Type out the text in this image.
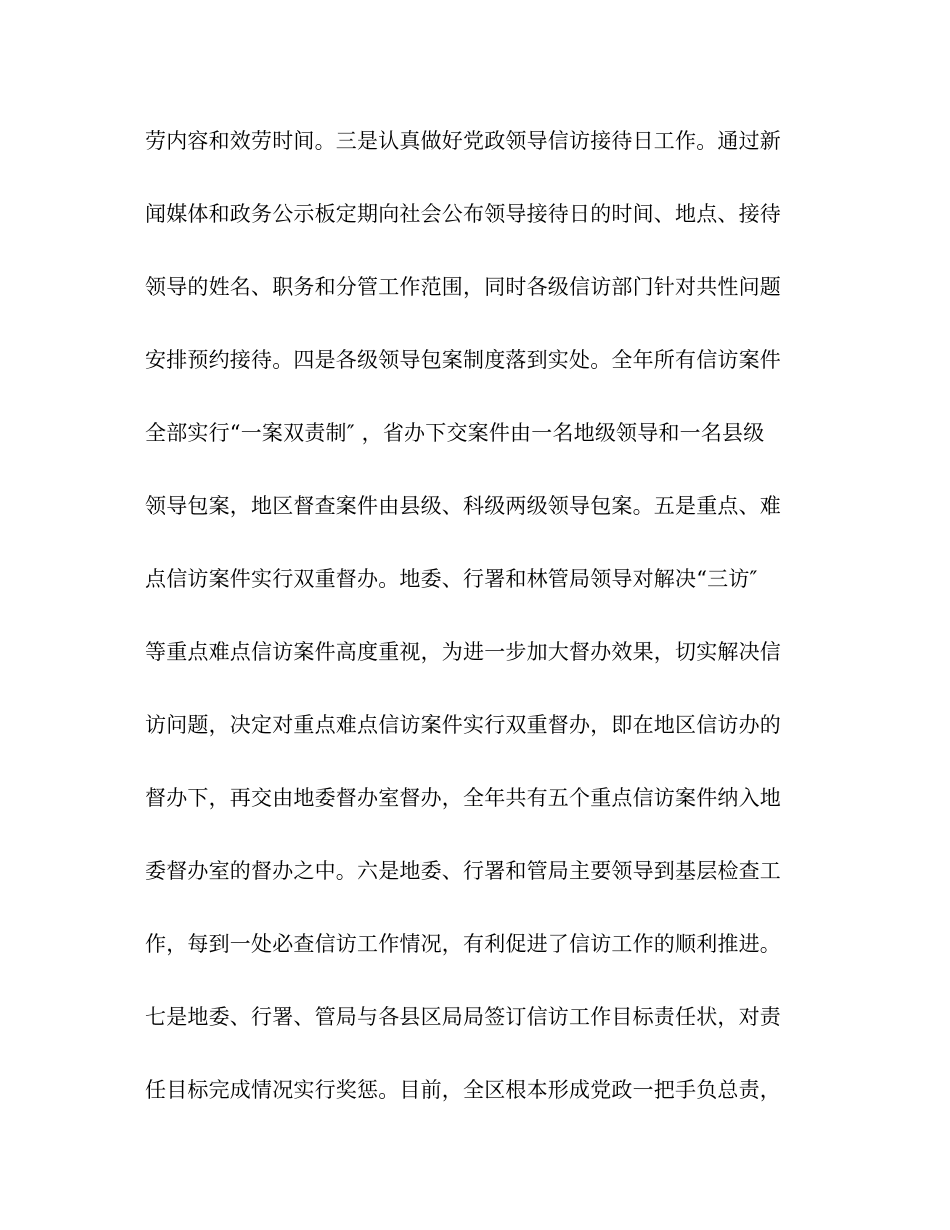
劳内容和效劳时间。三是认真做好党政领导信访接待日工作。通过新
闻媒体和政务公示板定期向社会公布领导接待日的时间、地点、接待
领导的姓名、职务和分管工作范围，同时各级信访部门针对共性问题
安排预约接待。四是各级领导包案制度落到实处。全年所有信访案件
全部实行“一案双责制″ ，省办下交案件由一名地级领导和一名县级
领导包案，地区督查案件由县级、科级两级领导包案。五是重点、难
点信访案件实行双重督办。地委、行署和林管局领导对解决“三访″
等重点难点信访案件高度重视，为进一步加大督办效果，切实解决信
访问题，决定对重点难点信访案件实行双重督办，即在地区信访办的
督办下，再交由地委督办室督办，全年共有五个重点信访案件纳入地
委督办室的督办之中。六是地委、行署和管局主要领导到基层检查工
作，每到一处必查信访工作情况，有利促进了信访工作的顺利推进。
七是地委、行署、管局与各县区局局签订信访工作目标责任状，对责
任目标完成情况实行奖惩。目前，全区根本形成党政一把手负总责，
